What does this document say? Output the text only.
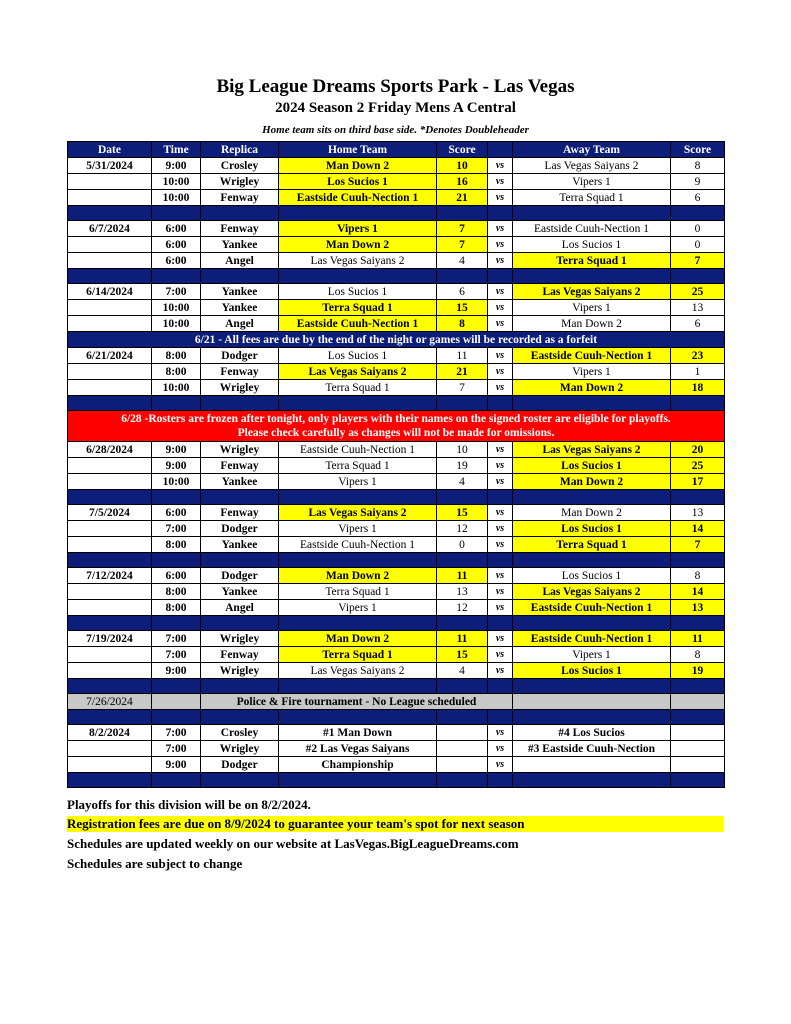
Big League Dreams Sports Park - Las Vegas
2024 Season 2 Friday Mens A Central
Home team sits on third base side. *Denotes Doubleheader
Date	Time	Replica	Home Team	Score		Away Team	Score
5/31/2024	9:00	Crosley	Man Down 2	10	vs	Las Vegas Saiyans 2	8
	10:00	Wrigley	Los Sucios 1	16	vs	Vipers 1	9
	10:00	Fenway	Eastside Cuuh-Nection 1	21	vs	Terra Squad 1	6

6/7/2024	6:00	Fenway	Vipers 1	7	vs	Eastside Cuuh-Nection 1	0
	6:00	Yankee	Man Down 2	7	vs	Los Sucios 1	0
	6:00	Angel	Las Vegas Saiyans 2	4	vs	Terra Squad 1	7

6/14/2024	7:00	Yankee	Los Sucios 1	6	vs	Las Vegas Saiyans 2	25
	10:00	Yankee	Terra Squad 1	15	vs	Vipers 1	13
	10:00	Angel	Eastside Cuuh-Nection 1	8	vs	Man Down 2	6
6/21 - All fees are due by the end of the night or games will be recorded as a forfeit							
6/21/2024	8:00	Dodger	Los Sucios 1	11	vs	Eastside Cuuh-Nection 1	23
	8:00	Fenway	Las Vegas Saiyans 2	21	vs	Vipers 1	1
	10:00	Wrigley	Terra Squad 1	7	vs	Man Down 2	18

6/28 -Rosters are frozen after tonight, only players with their names on the signed roster are eligible for playoffs.
Please check carefully as changes will not be made for omissions.							

6/28/2024	9:00	Wrigley	Eastside Cuuh-Nection 1	10	vs	Las Vegas Saiyans 2	20
	9:00	Fenway	Terra Squad 1	19	vs	Los Sucios 1	25
	10:00	Yankee	Vipers 1	4	vs	Man Down 2	17

7/5/2024	6:00	Fenway	Las Vegas Saiyans 2	15	vs	Man Down 2	13
	7:00	Dodger	Vipers 1	12	vs	Los Sucios 1	14
	8:00	Yankee	Eastside Cuuh-Nection 1	0	vs	Terra Squad 1	7

7/12/2024	6:00	Dodger	Man Down 2	11	vs	Los Sucios 1	8
	8:00	Yankee	Terra Squad 1	13	vs	Las Vegas Saiyans 2	14
	8:00	Angel	Vipers 1	12	vs	Eastside Cuuh-Nection 1	13

7/19/2024	7:00	Wrigley	Man Down 2	11	vs	Eastside Cuuh-Nection 1	11
	7:00	Fenway	Terra Squad 1	15	vs	Vipers 1	8
	9:00	Wrigley	Las Vegas Saiyans 2	4	vs	Los Sucios 1	19

7/26/2024		Police & Fire tournament - No League scheduled					

8/2/2024	7:00	Crosley	#1 Man Down		vs	#4 Los Sucios	
	7:00	Wrigley	#2 Las Vegas Saiyans		vs	#3 Eastside Cuuh-Nection	
	9:00	Dodger	Championship		vs		

Playoffs for this division will be on 8/2/2024.
Registration fees are due on 8/9/2024 to guarantee your team's spot for next season
Schedules are updated weekly on our website at LasVegas.BigLeagueDreams.com
Schedules are subject to change
